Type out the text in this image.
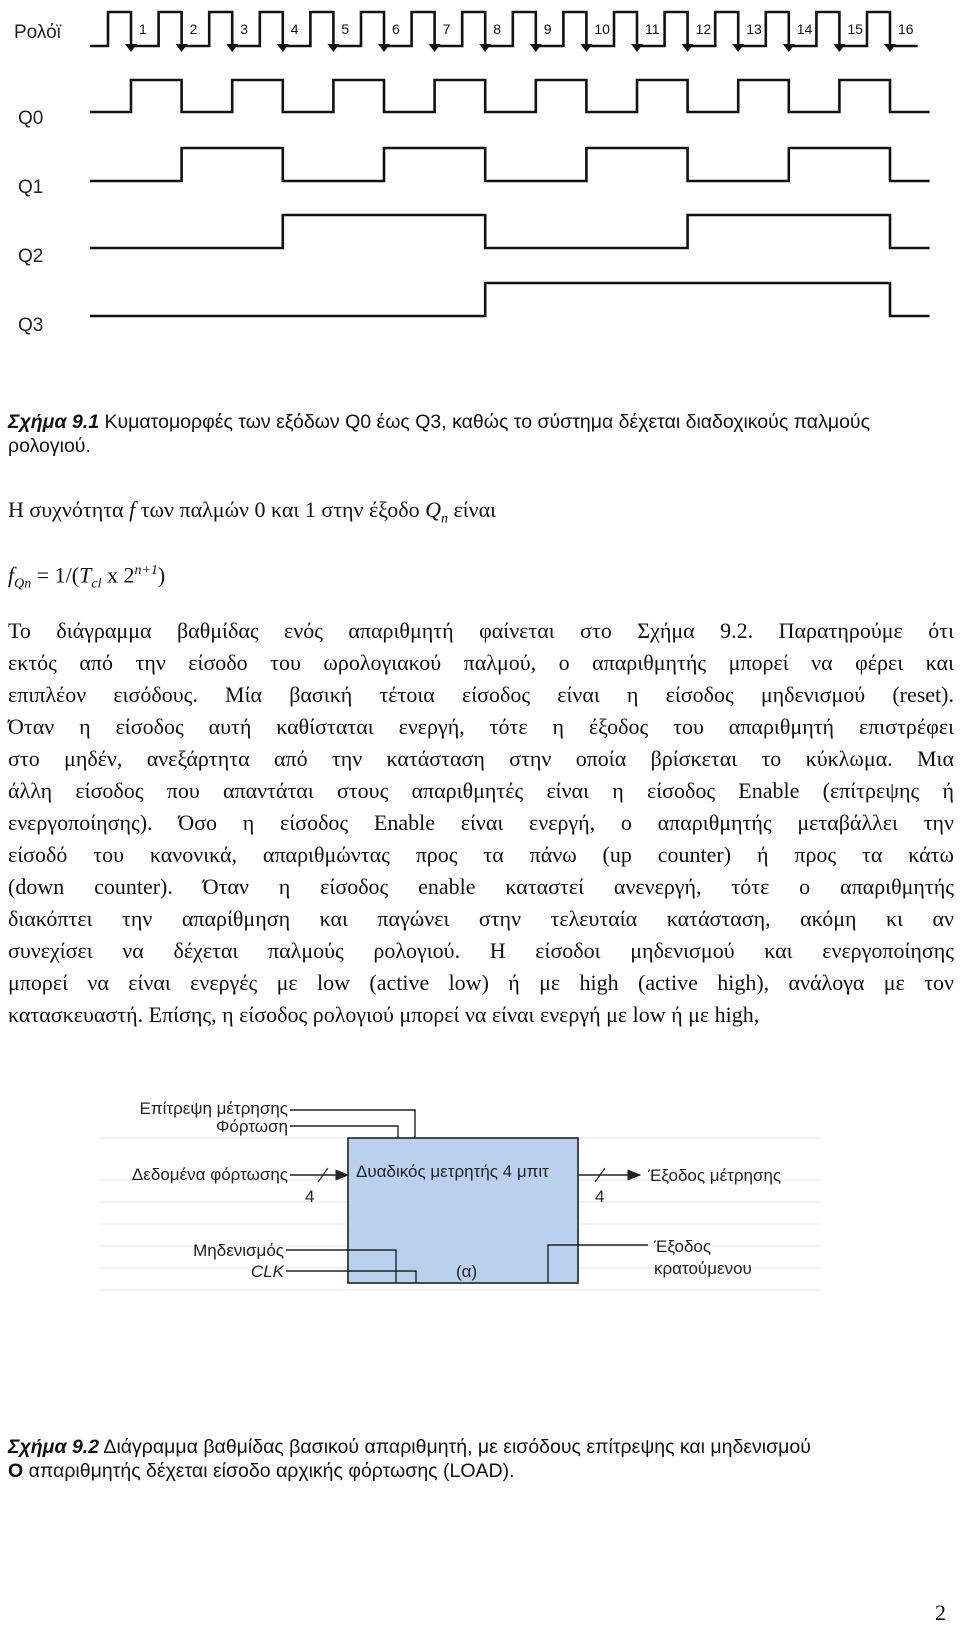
Ρολόϊ
Q0
Q1
Q2
Q3
1	2	3	4	5	6	7	8	9	10	11	12	13	14	15	16
Σχήμα 9.1 Κυματομορφές των εξόδων Q0 έως Q3, καθώς το σύστημα δέχεται διαδοχικούς παλμούς ρολογιού.
Η συχνότητα f των παλμών 0 και 1 στην έξοδο $Q_n$ είναι
$f_{Qn} = 1/(T_{cl}$ x $2^{n+1}$)
Το διάγραμμα βαθμίδας ενός απαριθμητή φαίνεται στο Σχήμα 9.2. Παρατηρούμε ότι
εκτός από την είσοδο του ωρολογιακού παλμού, ο απαριθμητής μπορεί να φέρει και
επιπλέον εισόδους. Μία βασική τέτοια είσοδος είναι η είσοδος μηδενισμού (reset).
Όταν η είσοδος αυτή καθίσταται ενεργή, τότε η έξοδος του απαριθμητή επιστρέφει
στο μηδέν, ανεξάρτητα από την κατάσταση στην οποία βρίσκεται το κύκλωμα. Μια
άλλη είσοδος που απαντάται στους απαριθμητές είναι η είσοδος Enable (επίτρεψης ή
ενεργοποίησης). Όσο η είσοδος Enable είναι ενεργή, ο απαριθμητής μεταβάλλει την
είσοδό του κανονικά, απαριθμώντας προς τα πάνω (up counter) ή προς τα κάτω
(down counter). Όταν η είσοδος enable καταστεί ανενεργή, τότε ο απαριθμητής
διακόπτει την απαρίθμηση και παγώνει στην τελευταία κατάσταση, ακόμη κι αν
συνεχίσει να δέχεται παλμούς ρολογιού. Η είσοδοι μηδενισμού και ενεργοποίησης
μπορεί να είναι ενεργές με low (active low) ή με high (active high), ανάλογα με τον
κατασκευαστή. Επίσης, η είσοδος ρολογιού μπορεί να είναι ενεργή με low ή με high,
Δυαδικός μετρητής 4 μπιτ
Επίτρεψη μέτρησης
Φόρτωση
Δεδομένα φόρτωσης
4
Μηδενισμός
CLK
4
Έξοδος μέτρησης
Έξοδος
κρατούμενου
(α)
Σχήμα 9.2 Διάγραμμα βαθμίδας βασικού απαριθμητή, με εισόδους επίτρεψης και μηδενισμού
Ο απαριθμητής δέχεται είσοδο αρχικής φόρτωσης (LOAD).
2
